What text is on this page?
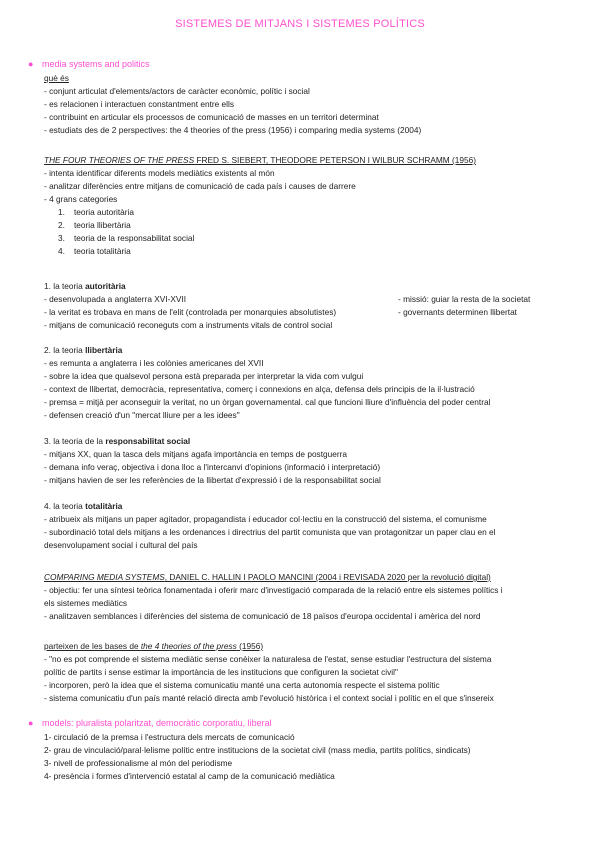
SISTEMES DE MITJANS I SISTEMES POLÍTICS
● media systems and politics
què és
- conjunt articulat d'elements/actors de caràcter econòmic, polític i social
- es relacionen i interactuen constantment entre ells
- contribuint en articular els processos de comunicació de masses en un territori determinat
- estudiats des de 2 perspectives: the 4 theories of the press (1956) i comparing media systems (2004)
THE FOUR THEORIES OF THE PRESS FRED S. SIEBERT, THEODORE PETERSON I WILBUR SCHRAMM (1956)
- intenta identificar diferents models mediàtics existents al món
- analitzar diferències entre mitjans de comunicació de cada país i causes de darrere
- 4 grans categories
1. teoria autoritària
2. teoria llibertària
3. teoria de la responsabilitat social
4. teoria totalitària
1. la teoria autoritària
- desenvolupada a anglaterra XVI-XVII
- la veritat es trobava en mans de l'elit (controlada per monarquies absolutistes)
- mitjans de comunicació reconeguts com a instruments vitals de control social
- missió: guiar la resta de la societat
- governants determinen llibertat
2. la teoria llibertària
- es remunta a anglaterra i les colònies americanes del XVII
- sobre la idea que qualsevol persona està preparada per interpretar la vida com vulgui
- context de llibertat, democràcia, representativa, comerç i connexions en alça, defensa dels principis de la il·lustració
- premsa = mitjà per aconseguir la veritat, no un òrgan governamental. cal que funcioni lliure d'influència del poder central
- defensen creació d'un "mercat lliure per a les idees"
3. la teoria de la responsabilitat social
- mitjans XX, quan la tasca dels mitjans agafa importància en temps de postguerra
- demana info veraç, objectiva i dona lloc a l'intercanvi d'opinions (informació i interpretació)
- mitjans havien de ser les referències de la llibertat d'expressió i de la responsabilitat social
4. la teoria totalitària
- atribueix als mitjans un paper agitador, propagandista i educador col·lectiu en la construcció del sistema, el comunisme
- subordinació total dels mitjans a les ordenances i directrius del partit comunista que van protagonitzar un paper clau en el
desenvolupament social i cultural del país
COMPARING MEDIA SYSTEMS, DANIEL C. HALLIN I PAOLO MANCINI (2004 i REVISADA 2020 per la revolució digital)
- objectiu: fer una síntesi teòrica fonamentada i oferir marc d'investigació comparada de la relació entre els sistemes polítics i
els sistemes mediàtics
- analitzaven semblances i diferències del sistema de comunicació de 18 països d'europa occidental i amèrica del nord
parteixen de les bases de the 4 theories of the press (1956)
- "no es pot comprende el sistema mediàtic sense conèixer la naturalesa de l'estat, sense estudiar l'estructura del sistema
polític de partits i sense estimar la importància de les institucions que configuren la societat civil"
- incorporen, però la idea que el sistema comunicatiu manté una certa autonomia respecte el sistema polític
- sistema comunicatiu d'un país manté relació directa amb l'evolució històrica i el context social i polític en el que s'insereix
● models: pluralista polaritzat, democràtic corporatiu, liberal
1- circulació de la premsa i l'estructura dels mercats de comunicació
2- grau de vinculació/paral·lelisme polític entre institucions de la societat civil (mass media, partits polítics, sindicats)
3- nivell de professionalisme al món del periodisme
4- presència i formes d'intervenció estatal al camp de la comunicació mediàtica
